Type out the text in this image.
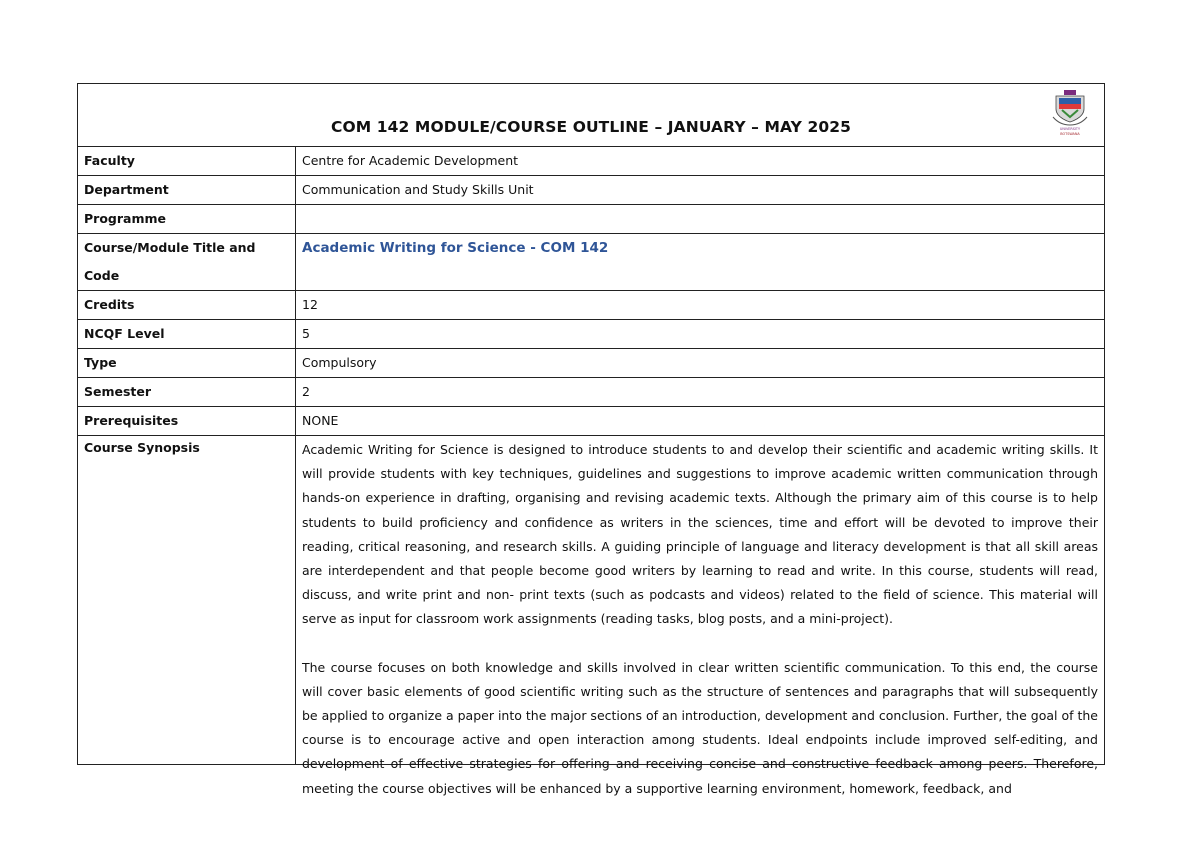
COM 142 MODULE/COURSE OUTLINE – JANUARY – MAY 2025 UNIVERSITY
BOTSWANA	

Faculty	Centre for Academic Development
Department	Communication and Study Skills Unit
Programme	
Course/Module Title and Code	Academic Writing for Science - COM 142
Credits	12
NCQF Level	5
Type	Compulsory
Semester	2
Prerequisites	NONE
Course Synopsis	Academic Writing for Science is designed to introduce students to and develop their scientific and academic writing skills. It will provide students with key techniques, guidelines and suggestions to improve academic written communication through hands-on experience in drafting, organising and revising academic texts. Although the primary aim of this course is to help students to build proficiency and confidence as writers in the sciences, time and effort will be devoted to improve their reading, critical reasoning, and research skills. A guiding principle of language and literacy development is that all skill areas are interdependent and that people become good writers by learning to read and write. In this course, students will read, discuss, and write print and non- print texts (such as podcasts and videos) related to the field of science. This material will serve as input for classroom work assignments (reading tasks, blog posts, and a mini-project).

The course focuses on both knowledge and skills involved in clear written scientific communication. To this end, the course will cover basic elements of good scientific writing such as the structure of sentences and paragraphs that will subsequently be applied to organize a paper into the major sections of an introduction, development and conclusion. Further, the goal of the course is to encourage active and open interaction among students. Ideal endpoints include improved self-editing, and development of effective strategies for offering and receiving concise and constructive feedback among peers. Therefore, meeting the course objectives will be enhanced by a supportive learning environment, homework, feedback, and
